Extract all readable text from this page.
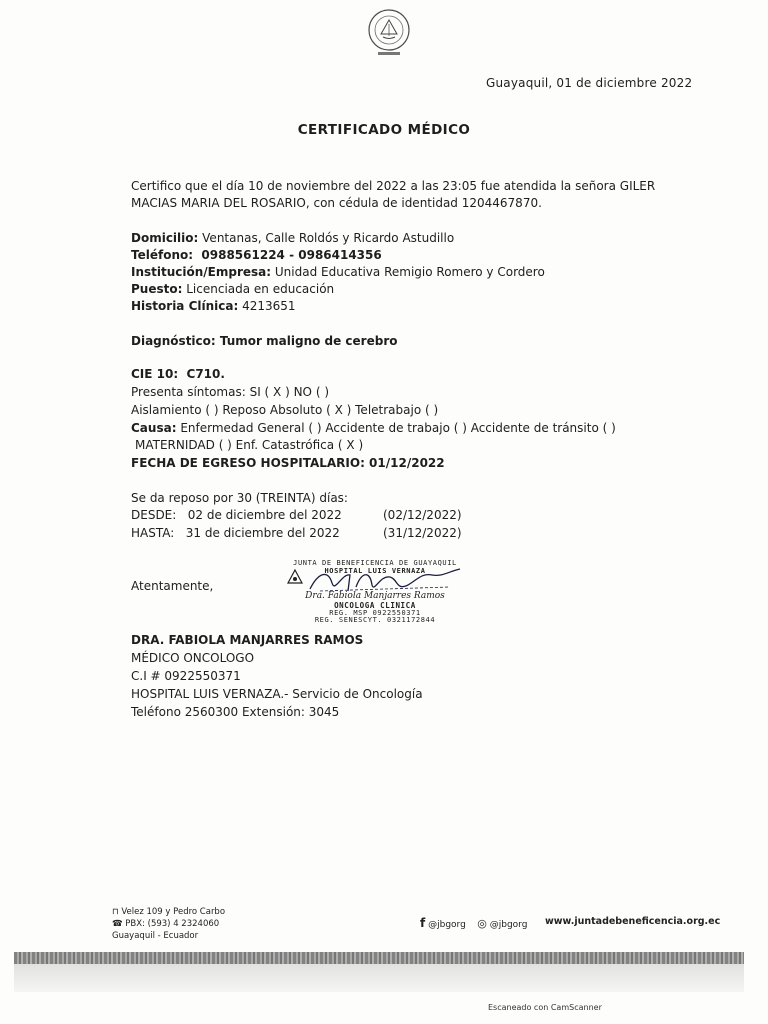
Guayaquil, 01 de diciembre 2022
CERTIFICADO MÉDICO
Certifico que el día 10 de noviembre del 2022 a las 23:05 fue atendida la señora GILER MACIAS MARIA DEL ROSARIO, con cédula de identidad 1204467870.
Domicilio: Ventanas, Calle Roldós y Ricardo Astudillo
Teléfono: 0988561224 - 0986414356
Institución/Empresa: Unidad Educativa Remigio Romero y Cordero
Puesto: Licenciada en educación
Historia Clínica: 4213651
Diagnóstico: Tumor maligno de cerebro
CIE 10: C710.
Presenta síntomas: SI ( X ) NO ( )
Aislamiento ( ) Reposo Absoluto ( X ) Teletrabajo ( )
Causa: Enfermedad General ( ) Accidente de trabajo ( ) Accidente de tránsito ( )
MATERNIDAD ( ) Enf. Catastrófica ( X )
FECHA DE EGRESO HOSPITALARIO: 01/12/2022
Se da reposo por 30 (TREINTA) días:
DESDE: 02 de diciembre del 2022	(02/12/2022)
HASTA: 31 de diciembre del 2022	(31/12/2022)
Atentamente,
JUNTA DE BENEFICENCIA DE GUAYAQUIL
HOSPITAL LUIS VERNAZA
Dra. Fabiola Manjarres Ramos
ONCOLOGA CLINICA
REG. MSP 0922550371
REG. SENESCYT. 0321172844
DRA. FABIOLA MANJARRES RAMOS
MÉDICO ONCOLOGO
C.I # 0922550371
HOSPITAL LUIS VERNAZA.- Servicio de Oncología
Teléfono 2560300 Extensión: 3045
⊓ Velez 109 y Pedro Carbo
☎ PBX: (593) 4 2324060
Guayaquil - Ecuador
f @jbgorg ◎ @jbgorg www.juntadebeneficencia.org.ec
Escaneado con CamScanner
